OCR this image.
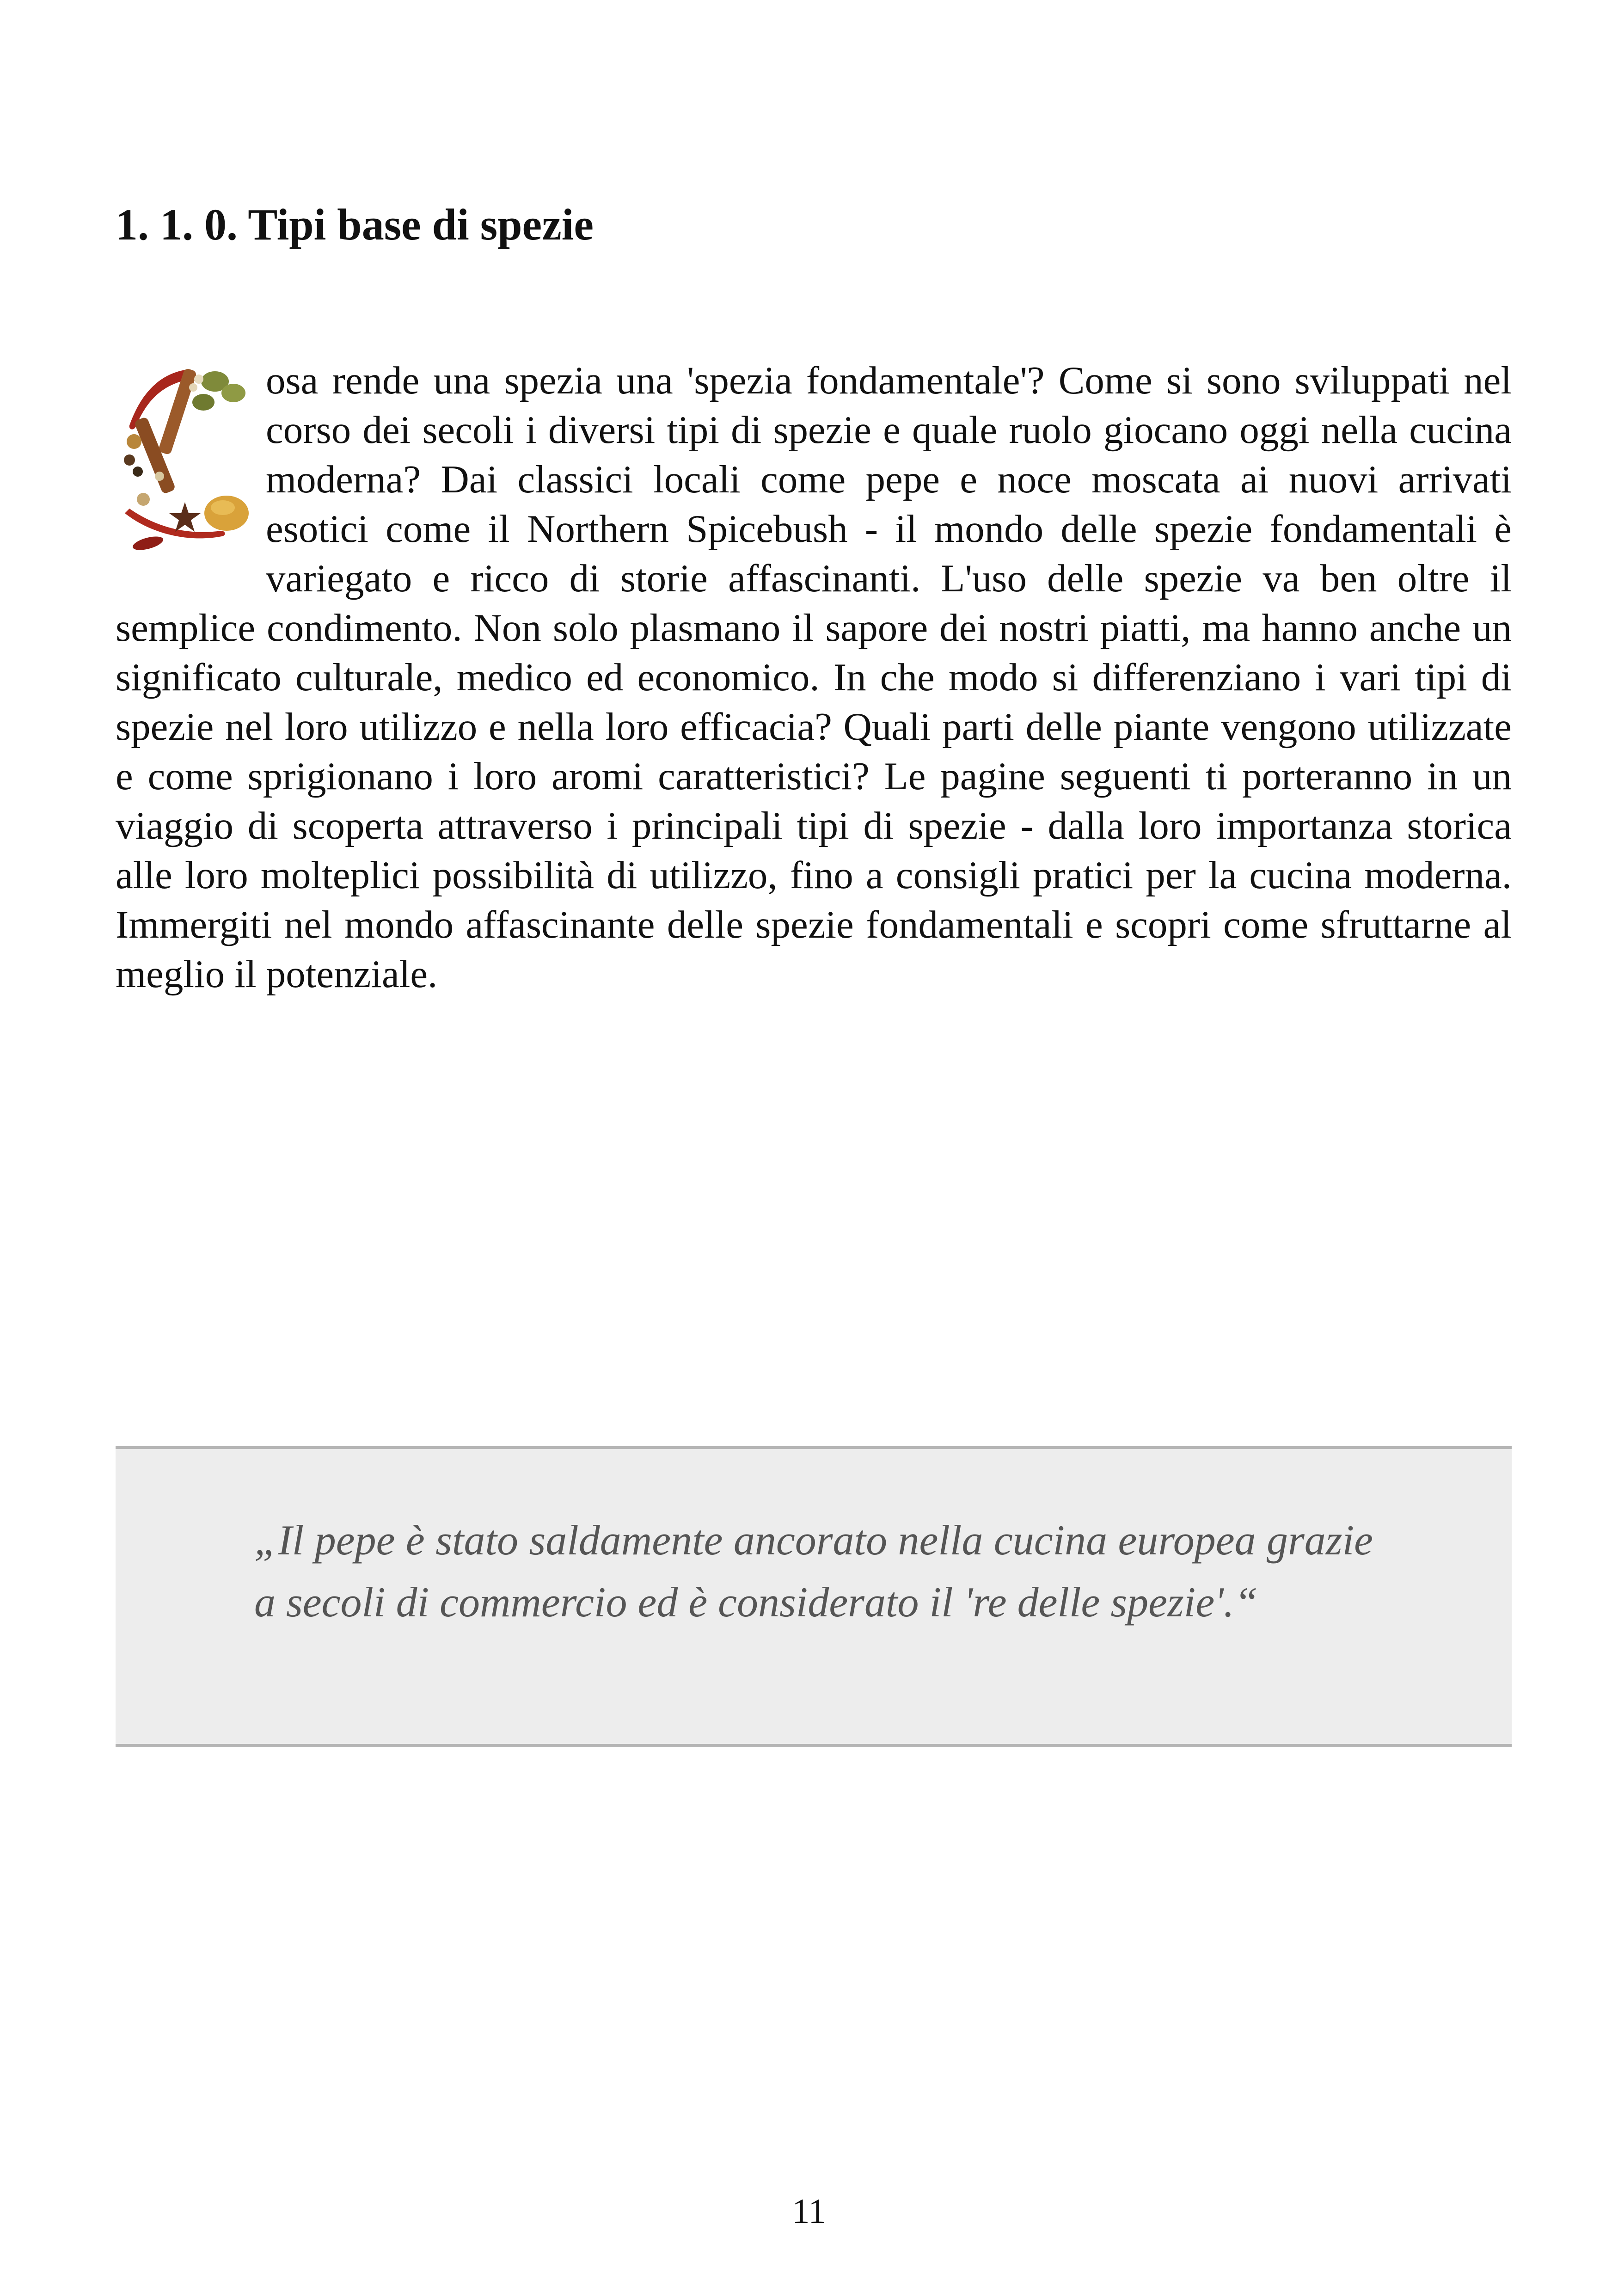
1. 1. 0. Tipi base di spezie

osa rende una spezia una 'spezia fondamentale'? Come si sono sviluppati nel corso dei secoli i diversi tipi di spezie e quale ruolo giocano oggi nella cucina moderna? Dai classici locali come pepe e noce moscata ai nuovi arrivati esotici come il Northern Spicebush - il mondo delle spezie fondamentali è variegato e ricco di storie affascinanti. L'uso delle spezie va ben oltre il semplice condimento. Non solo plasmano il sapore dei nostri piatti, ma hanno anche un significato culturale, medico ed economico. In che modo si differenziano i vari tipi di spezie nel loro utilizzo e nella loro efficacia? Quali parti delle piante vengono utilizzate e come sprigionano i loro aromi caratteristici? Le pagine seguenti ti porteranno in un viaggio di scoperta attraverso i principali tipi di spezie - dalla loro importanza storica alle loro molteplici possibilità di utilizzo, fino a consigli pratici per la cucina moderna. Immergiti nel mondo affascinante delle spezie fondamentali e scopri come sfruttarne al meglio il potenziale.

„Il pepe è stato saldamente ancorato nella cucina europea grazie a secoli di commercio ed è considerato il 're delle spezie'.“

11
